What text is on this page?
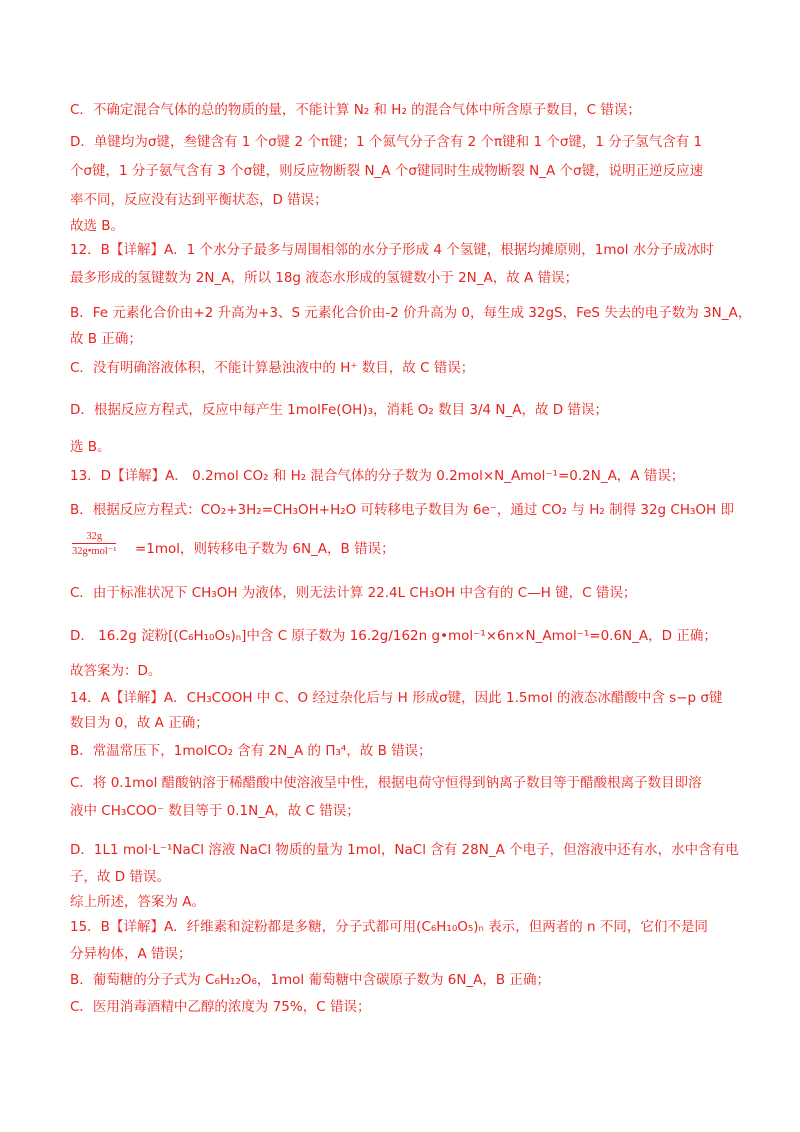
C．不确定混合气体的总的物质的量，不能计算 N₂ 和 H₂ 的混合气体中所含原子数目，C 错误；
D．单键均为σ键，叁键含有 1 个σ键 2 个π键；1 个氮气分子含有 2 个π键和 1 个σ键，1 分子氢气含有 1
个σ键，1 分子氨气含有 3 个σ键，则反应物断裂 N_A 个σ键同时生成物断裂 N_A 个σ键，说明正逆反应速
率不同，反应没有达到平衡状态，D 错误；
故选 B。
12．B【详解】A．1 个水分子最多与周围相邻的水分子形成 4 个氢键，根据均摊原则，1mol 水分子成冰时
最多形成的氢键数为 2N_A，所以 18g 液态水形成的氢键数小于 2N_A，故 A 错误；
B．Fe 元素化合价由+2 升高为+3、S 元素化合价由-2 价升高为 0，每生成 32gS，FeS 失去的电子数为 3N_A，
故 B 正确；
C．没有明确溶液体积，不能计算悬浊液中的 H⁺ 数目，故 C 错误；
D．根据反应方程式，反应中每产生 1molFe(OH)₃，消耗 O₂ 数目 3/4 N_A，故 D 错误；
选 B。
13．D【详解】A． 0.2mol CO₂ 和 H₂ 混合气体的分子数为 0.2mol×N_Amol⁻¹=0.2N_A，A 错误；
B．根据反应方程式：CO₂+3H₂=CH₃OH+H₂O 可转移电子数目为 6e⁻，通过 CO₂ 与 H₂ 制得 32g CH₃OH 即
32g
32g•mol⁻¹ =1mol，则转移电子数为 6N_A，B 错误；
C．由于标准状况下 CH₃OH 为液体，则无法计算 22.4L CH₃OH 中含有的 C—H 键，C 错误；
D． 16.2g 淀粉[(C₆H₁₀O₅)ₙ]中含 C 原子数为 16.2g/162n g•mol⁻¹×6n×N_Amol⁻¹=0.6N_A，D 正确；
故答案为：D。
14．A【详解】A．CH₃COOH 中 C、O 经过杂化后与 H 形成σ键，因此 1.5mol 的液态冰醋酸中含 s−p σ键
数目为 0，故 A 正确；
B．常温常压下，1molCO₂ 含有 2N_A 的 Π₃⁴，故 B 错误；
C．将 0.1mol 醋酸钠溶于稀醋酸中使溶液呈中性，根据电荷守恒得到钠离子数目等于醋酸根离子数目即溶
液中 CH₃COO⁻ 数目等于 0.1N_A，故 C 错误；
D．1L1 mol·L⁻¹NaCl 溶液 NaCl 物质的量为 1mol，NaCl 含有 28N_A 个电子，但溶液中还有水，水中含有电
子，故 D 错误。
综上所述，答案为 A。
15．B【详解】A．纤维素和淀粉都是多糖，分子式都可用(C₆H₁₀O₅)ₙ 表示，但两者的 n 不同，它们不是同
分异构体，A 错误；
B．葡萄糖的分子式为 C₆H₁₂O₆，1mol 葡萄糖中含碳原子数为 6N_A，B 正确；
C．医用消毒酒精中乙醇的浓度为 75%，C 错误；
